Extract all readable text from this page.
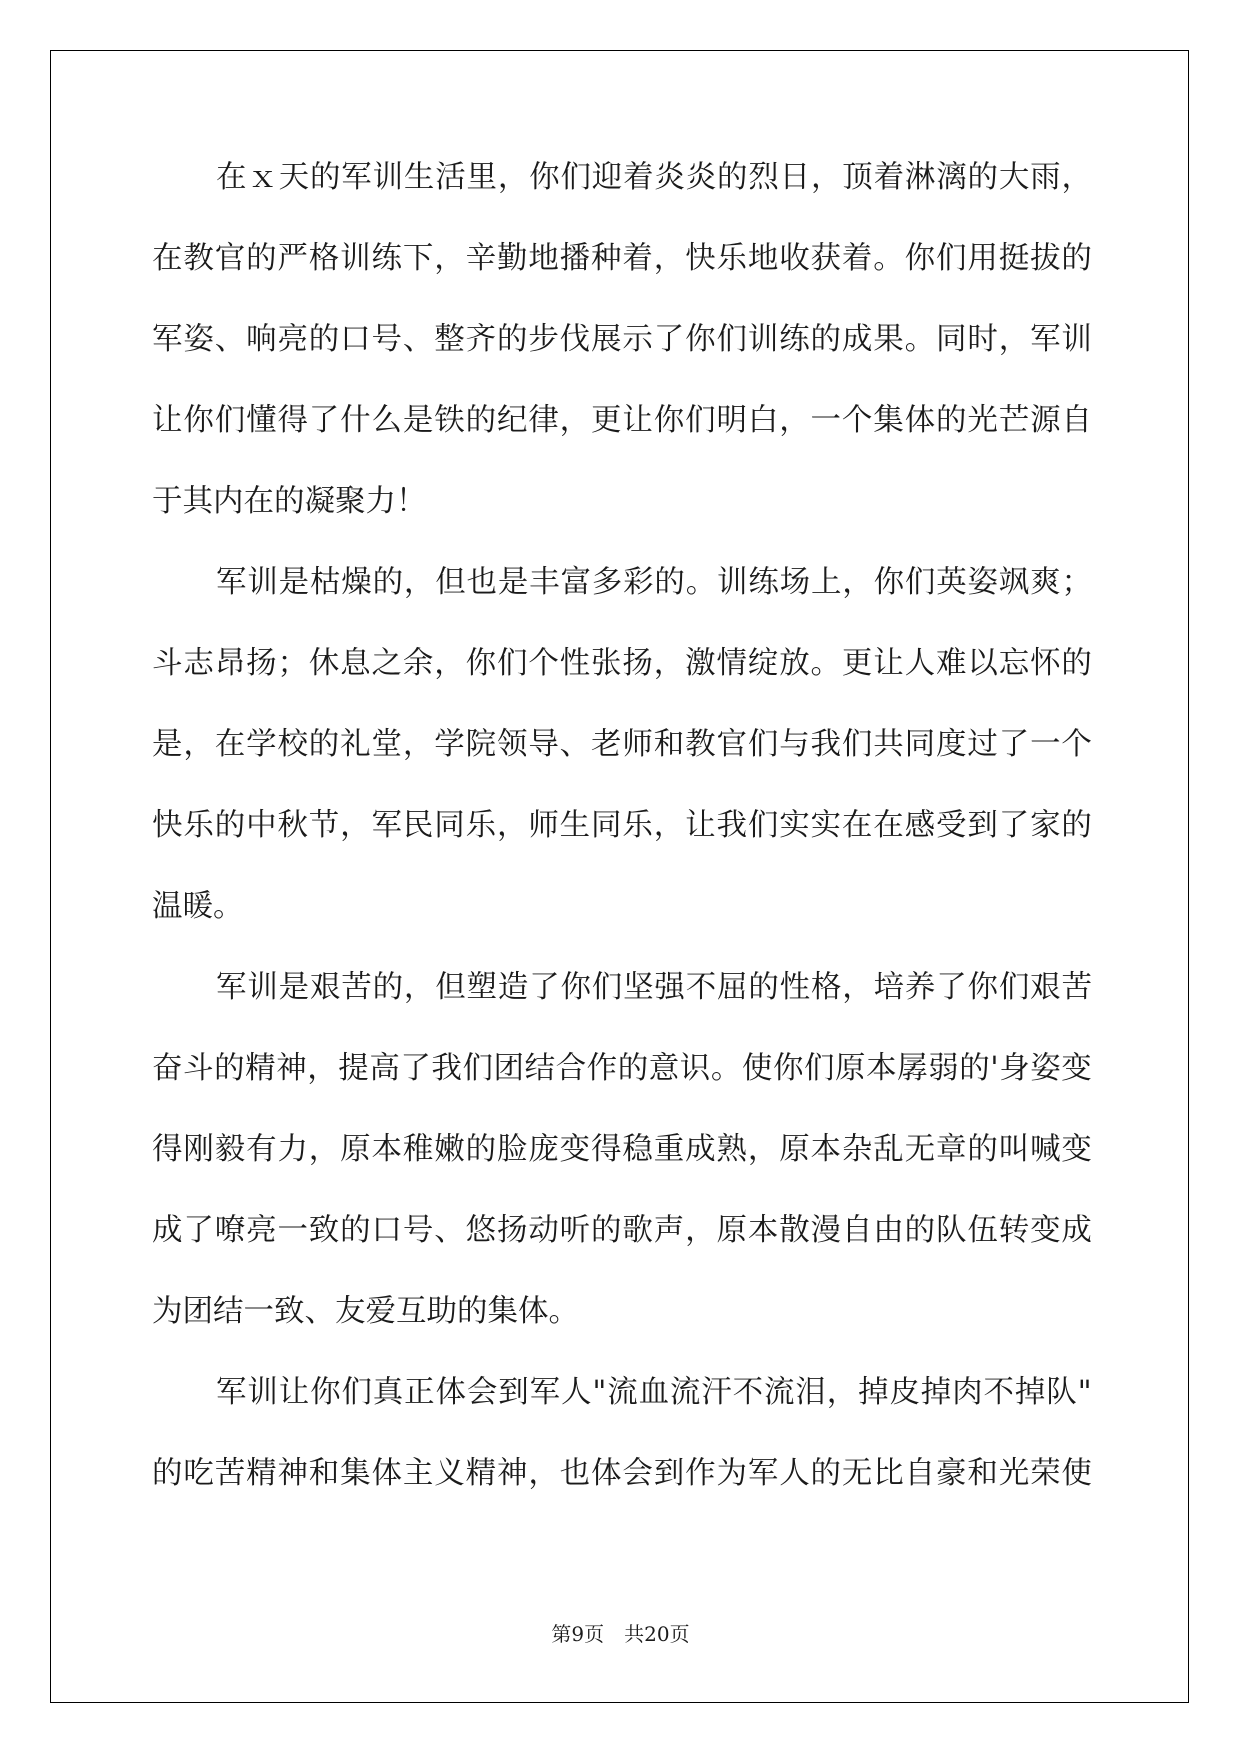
在 ｘ 天 的 军 训 生 活 里 ， 你 们 迎 着 炎 炎 的 烈 日 ， 顶 着 淋 漓 的 大 雨 ，
在 教 官 的 严 格 训 练 下 ， 辛 勤 地 播 种 着 ， 快 乐 地 收 获 着 。 你 们 用 挺 拔 的
军 姿 、 响 亮 的 口 号 、 整 齐 的 步 伐 展 示 了 你 们 训 练 的 成 果 。 同 时 ， 军 训
让 你 们 懂 得 了 什 么 是 铁 的 纪 律 ， 更 让 你 们 明 白 ， 一 个 集 体 的 光 芒 源 自
于其内在的凝聚力！
军 训 是 枯 燥 的 ， 但 也 是 丰 富 多 彩 的 。 训 练 场 上 ， 你 们 英 姿 飒 爽 ；
斗 志 昂 扬 ； 休 息 之 余 ， 你 们 个 性 张 扬 ， 激 情 绽 放 。 更 让 人 难 以 忘 怀 的
是 ， 在 学 校 的 礼 堂 ， 学 院 领 导 、 老 师 和 教 官 们 与 我 们 共 同 度 过 了 一 个
快 乐 的 中 秋 节 ， 军 民 同 乐 ， 师 生 同 乐 ， 让 我 们 实 实 在 在 感 受 到 了 家 的
温暖。
军 训 是 艰 苦 的 ， 但 塑 造 了 你 们 坚 强 不 屈 的 性 格 ， 培 养 了 你 们 艰 苦
奋 斗 的 精 神 ， 提 高 了 我 们 团 结 合 作 的 意 识 。 使 你 们 原 本 孱 弱 的 ' 身 姿 变
得 刚 毅 有 力 ， 原 本 稚 嫩 的 脸 庞 变 得 稳 重 成 熟 ， 原 本 杂 乱 无 章 的 叫 喊 变
成 了 嘹 亮 一 致 的 口 号 、 悠 扬 动 听 的 歌 声 ， 原 本 散 漫 自 由 的 队 伍 转 变 成
为团结一致、友爱互助的集体。
军 训 让 你 们 真 正 体 会 到 军 人 " 流 血 流 汗 不 流 泪 ， 掉 皮 掉 肉 不 掉 队 "
的 吃 苦 精 神 和 集 体 主 义 精 神 ， 也 体 会 到 作 为 军 人 的 无 比 自 豪 和 光 荣 使
第9页 共20页
